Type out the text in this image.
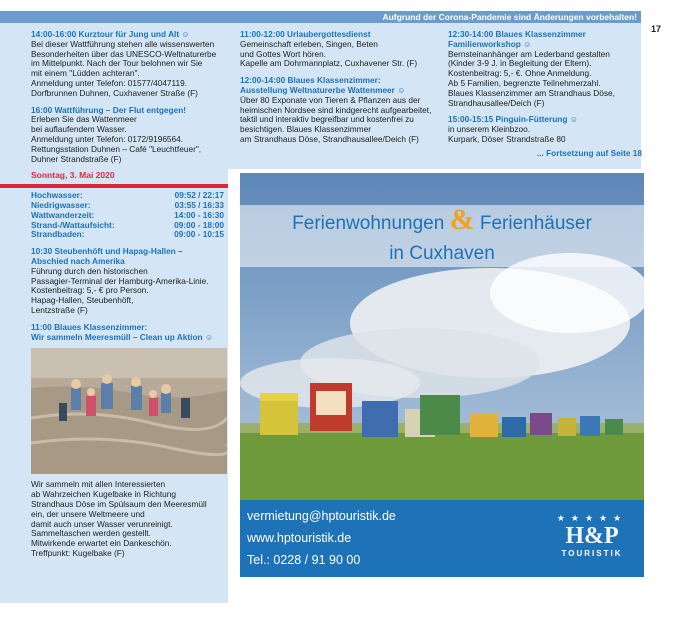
Aufgrund der Corona-Pandemie sind Änderungen vorbehalten!
17
14:00-16:00 Kurztour für Jung und Alt ☺
Bei dieser Wattführung stehen alle wissenswerten
Besonderheiten über das UNESCO-Weltnaturerbe
im Mittelpunkt. Nach der Tour belohnen wir Sie
mit einem "Lüdden achteran".
Anmeldung unter Telefon: 01577/4047119.
Dorfbrunnen Duhnen, Cuxhavener Straße (F)
16:00 Wattführung – Der Flut entgegen!
Erleben Sie das Wattenmeer
bei auflaufendem Wasser.
Anmeldung unter Telefon: 0172/9196564.
Rettungsstation Duhnen – Café "Leuchtfeuer",
Duhner Strandstraße (F)
Sonntag, 3. Mai 2020
Hochwasser:	09:52 / 22:17
Niedrigwasser:	03:55 / 16:33
Wattwanderzeit:	14:00 - 16:30
Strand-/Wattaufsicht:	09:00 - 18:00
Strandbaden:	09:00 - 10:15
10:30 Steubenhöft und Hapag-Hallen –
Abschied nach Amerika
Führung durch den historischen
Passagier-Terminal der Hamburg-Amerika-Linie.
Kostenbeitrag: 5,- € pro Person.
Hapag-Hallen, Steubenhöft,
Lentzstraße (F)
11:00 Blaues Klassenzimmer:
Wir sammeln Meeresmüll – Clean up Aktion ☺
Wir sammeln mit allen Interessierten
ab Wahrzeichen Kugelbake in Richtung
Strandhaus Döse im Spülsaum den Meeresmüll
ein, der unsere Weltmeere und
damit auch unser Wasser verunreinigt.
Sammeltaschen werden gestellt.
Mitwirkende erwartet ein Dankeschön.
Treffpunkt: Kugelbake (F)
11:00-12:00 Urlaubergottesdienst
Gemeinschaft erleben, Singen, Beten
und Gottes Wort hören.
Kapelle am Dohrmannplatz, Cuxhavener Str. (F)
12:00-14:00 Blaues Klassenzimmer:
Ausstellung Weltnaturerbe Wattenmeer ☺
Über 80 Exponate von Tieren & Pflanzen aus der
heimischen Nordsee sind kindgerecht aufgearbeitet,
taktil und interaktiv begreifbar und kostenfrei zu
besichtigen. Blaues Klassenzimmer
am Strandhaus Döse, Strandhausallee/Deich (F)
12:30-14:00 Blaues Klassenzimmer
Familienworkshop ☺
Bernsteinanhänger am Lederband gestalten
(Kinder 3-9 J. in Begleitung der Eltern).
Kostenbeitrag: 5,- €. Ohne Anmeldung.
Ab 5 Familien, begrenzte Teilnehmerzahl.
Blaues Klassenzimmer am Strandhaus Döse,
Strandhausallee/Deich (F)
15:00-15:15 Pinguin-Fütterung ☺
in unserem Kleinbzoo.
Kurpark, Döser Strandstraße 80
... Fortsetzung auf Seite 18
Ferienwohnungen & Ferienhäuser
in Cuxhaven
vermietung@hptouristik.de
www.hptouristik.de
Tel.: 0228 / 91 90 00
★★★★★
H&P
TOURISTIK
